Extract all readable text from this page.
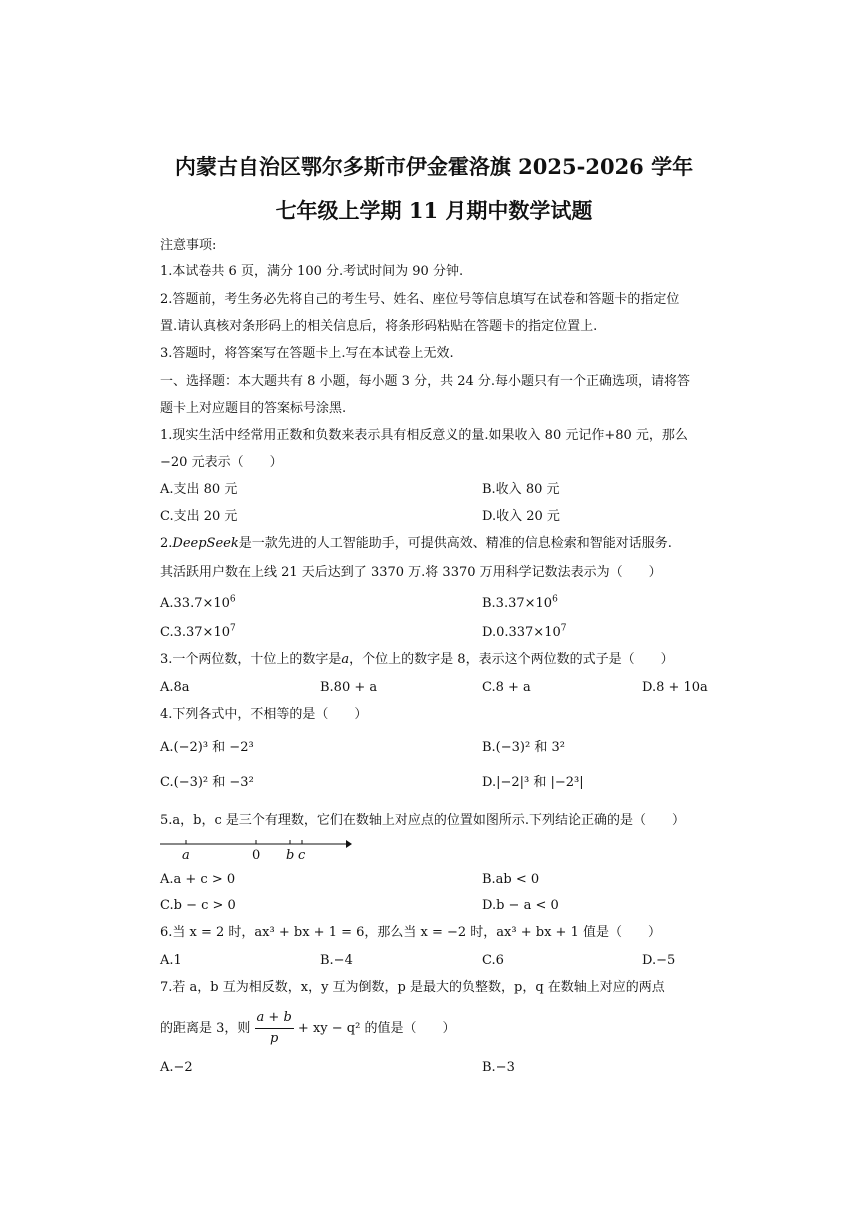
内蒙古自治区鄂尔多斯市伊金霍洛旗 2025-2026 学年
七年级上学期 11 月期中数学试题
注意事项:
1.本试卷共 6 页，满分 100 分.考试时间为 90 分钟.
2.答题前，考生务必先将自己的考生号、姓名、座位号等信息填写在试卷和答题卡的指定位
置.请认真核对条形码上的相关信息后，将条形码粘贴在答题卡的指定位置上.
3.答题时，将答案写在答题卡上.写在本试卷上无效.
一、选择题：本大题共有 8 小题，每小题 3 分，共 24 分.每小题只有一个正确选项，请将答
题卡上对应题目的答案标号涂黑.
1.现实生活中经常用正数和负数来表示具有相反意义的量.如果收入 80 元记作+80 元，那么
−20 元表示（　　）
A.支出 80 元	B.收入 80 元
C.支出 20 元	D.收入 20 元
2.DeepSeek是一款先进的人工智能助手，可提供高效、精准的信息检索和智能对话服务.
其活跃用户数在上线 21 天后达到了 3370 万.将 3370 万用科学记数法表示为（　　）
$A.33.7\times 10^6$	$B.3.37\times 10^6$
$C.3.37\times 10^7$	$D.0.337\times 10^7$
3.一个两位数，十位上的数字是a，个位上的数字是 8，表示这个两位数的式子是（　　）
A.8a	B.80 + a	C.8 + a	D.8 + 10a
4.下列各式中，不相等的是（　　）
A.(−2)³ 和 −2³	B.(−3)² 和 3²
C.(−3)² 和 −3²	D.|−2|³ 和 |−2³|
5.a，b，c 是三个有理数，它们在数轴上对应点的位置如图所示.下列结论正确的是（　　）
a	0 b c
A.a + c > 0	B.ab < 0
C.b − c > 0	D.b − a < 0
6.当 x = 2 时，ax³ + bx + 1 = 6，那么当 x = −2 时，ax³ + bx + 1 值是（　　）
A.1	B.−4	C.6	D.−5
7.若 a，b 互为相反数，x，y 互为倒数，p 是最大的负整数，p，q 在数轴上对应的两点
的距离是 3，则 $\frac{a + b}{p}$ + xy − q² 的值是（　　）
A.−2	B.−3
